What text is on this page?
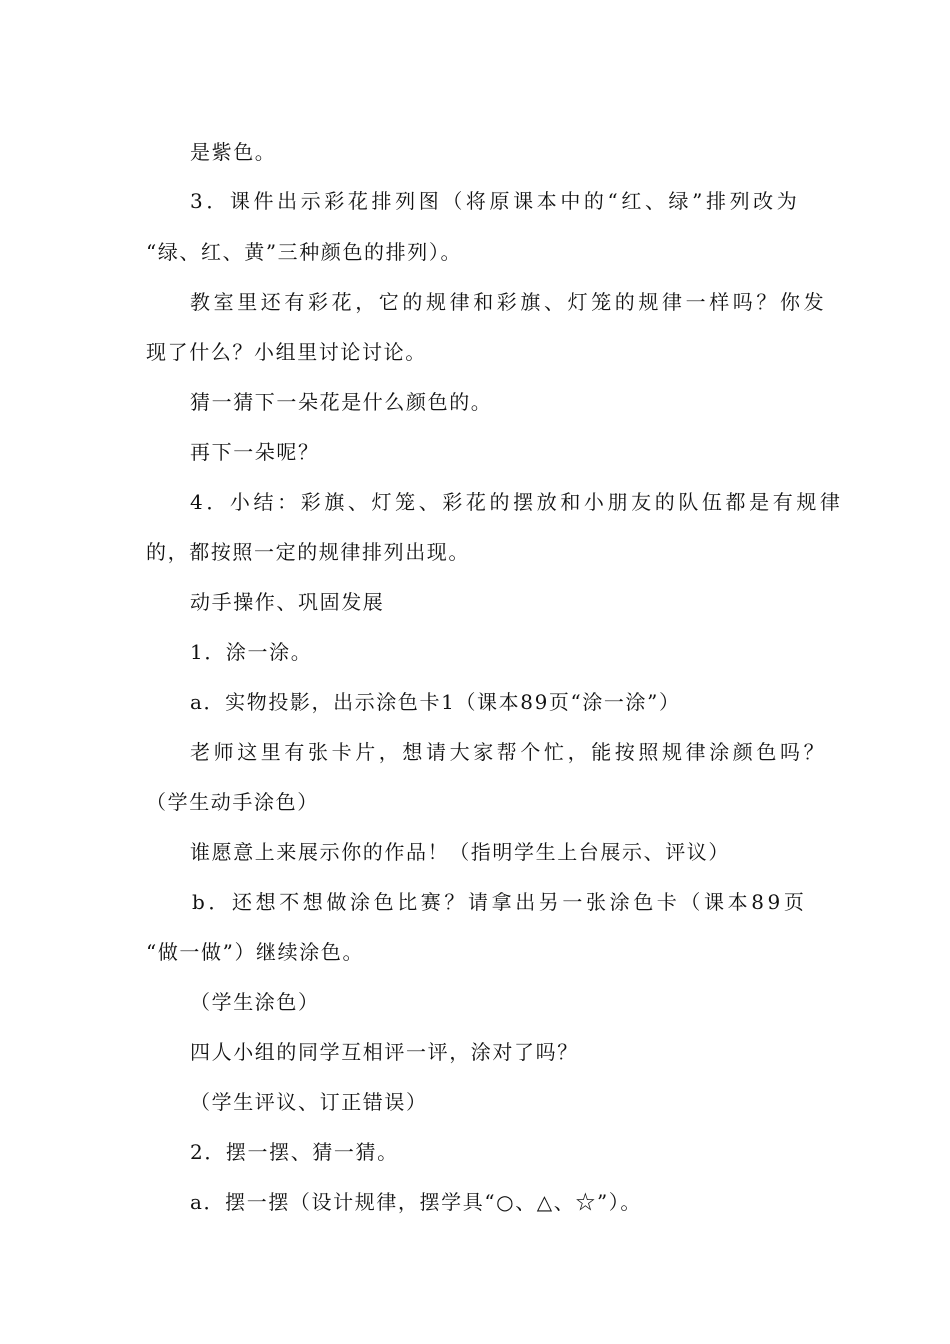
是紫色。
3．课件出示彩花排列图（将原课本中的“红、绿”排列改为
“绿、红、黄”三种颜色的排列）。
教室里还有彩花，它的规律和彩旗、灯笼的规律一样吗？你发
现了什么？小组里讨论讨论。
猜一猜下一朵花是什么颜色的。
再下一朵呢？
4．小结：彩旗、灯笼、彩花的摆放和小朋友的队伍都是有规律
的，都按照一定的规律排列出现。
动手操作、巩固发展
1．涂一涂。
a．实物投影，出示涂色卡1（课本89页“涂一涂”）
老师这里有张卡片，想请大家帮个忙，能按照规律涂颜色吗？
（学生动手涂色）
谁愿意上来展示你的作品！（指明学生上台展示、评议）
b．还想不想做涂色比赛？请拿出另一张涂色卡（课本89页
“做一做”）继续涂色。
（学生涂色）
四人小组的同学互相评一评，涂对了吗？
（学生评议、订正错误）
2．摆一摆、猜一猜。
a．摆一摆（设计规律，摆学具“○、△、☆”）。
